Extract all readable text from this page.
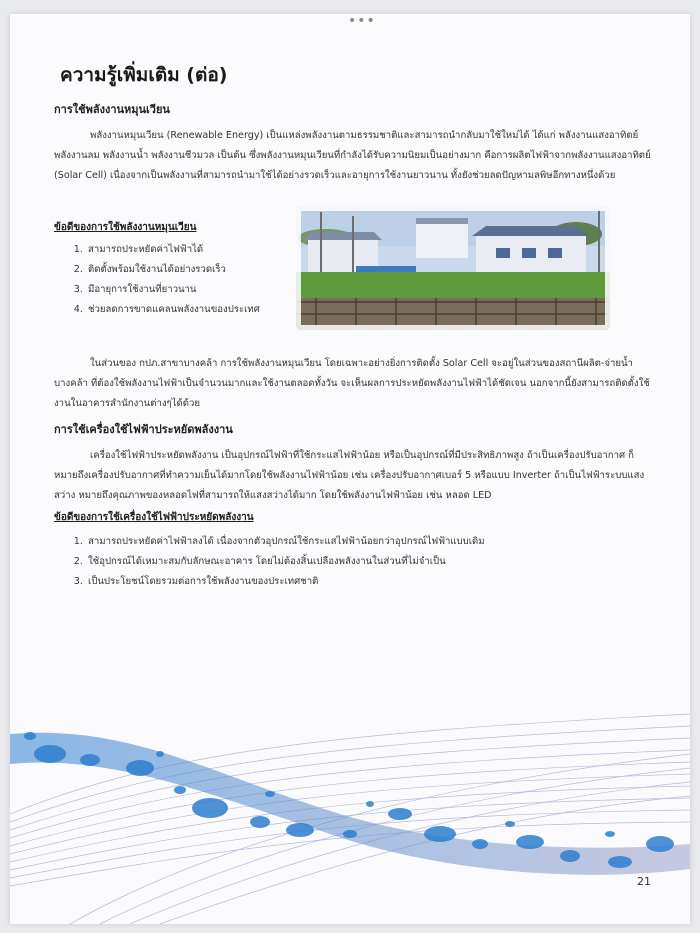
•••
ความรู้เพิ่มเติม (ต่อ)
การใช้พลังงานหมุนเวียน
พลังงานหมุนเวียน (Renewable Energy) เป็นแหล่งพลังงานตามธรรมชาติและสามารถนำกลับมาใช้ใหม่ได้ ได้แก่ พลังงานแสงอาทิตย์ พลังงานลม พลังงานน้ำ พลังงานชีวมวล เป็นต้น ซึ่งพลังงานหมุนเวียนที่กำลังได้รับความนิยมเป็นอย่างมาก คือการผลิตไฟฟ้าจากพลังงานแสงอาทิตย์ (Solar Cell) เนื่องจากเป็นพลังงานที่สามารถนำมาใช้ได้อย่างรวดเร็วและอายุการใช้งานยาวนาน ทั้งยังช่วยลดปัญหามลพิษอีกทางหนึ่งด้วย
ข้อดีของการใช้พลังงานหมุนเวียน
1. สามารถประหยัดค่าไฟฟ้าได้
2. ติดตั้งพร้อมใช้งานได้อย่างรวดเร็ว
3. มีอายุการใช้งานที่ยาวนาน
4. ช่วยลดการขาดแคลนพลังงานของประเทศ
ในส่วนของ กปภ.สาขาบางคล้า การใช้พลังงานหมุนเวียน โดยเฉพาะอย่างยิ่งการติดตั้ง Solar Cell จะอยู่ในส่วนของสถานีผลิต-จ่ายน้ำบางคล้า ที่ต้องใช้พลังงานไฟฟ้าเป็นจำนวนมากและใช้งานตลอดทั้งวัน จะเห็นผลการประหยัดพลังงานไฟฟ้าได้ชัดเจน นอกจากนี้ยังสามารถติดตั้งใช้งานในอาคารสำนักงานต่างๆได้ด้วย
การใช้เครื่องใช้ไฟฟ้าประหยัดพลังงาน
เครื่องใช้ไฟฟ้าประหยัดพลังงาน เป็นอุปกรณ์ไฟฟ้าที่ใช้กระแสไฟฟ้าน้อย หรือเป็นอุปกรณ์ที่มีประสิทธิภาพสูง ถ้าเป็นเครื่องปรับอากาศ ก็หมายถึงเครื่องปรับอากาศที่ทำความเย็นได้มากโดยใช้พลังงานไฟฟ้าน้อย เช่น เครื่องปรับอากาศเบอร์ 5 หรือแบบ Inverter ถ้าเป็นไฟฟ้าระบบแสงสว่าง หมายถึงคุณภาพของหลอดไฟที่สามารถให้แสงสว่างได้มาก โดยใช้พลังงานไฟฟ้าน้อย เช่น หลอด LED
ข้อดีของการใช้เครื่องใช้ไฟฟ้าประหยัดพลังงาน
1. สามารถประหยัดค่าไฟฟ้าลงได้ เนื่องจากตัวอุปกรณ์ใช้กระแสไฟฟ้าน้อยกว่าอุปกรณ์ไฟฟ้าแบบเดิม
2. ใช้อุปกรณ์ได้เหมาะสมกับลักษณะอาคาร โดยไม่ต้องสิ้นเปลืองพลังงานในส่วนที่ไม่จำเป็น
3. เป็นประโยชน์โดยรวมต่อการใช้พลังงานของประเทศชาติ
21
